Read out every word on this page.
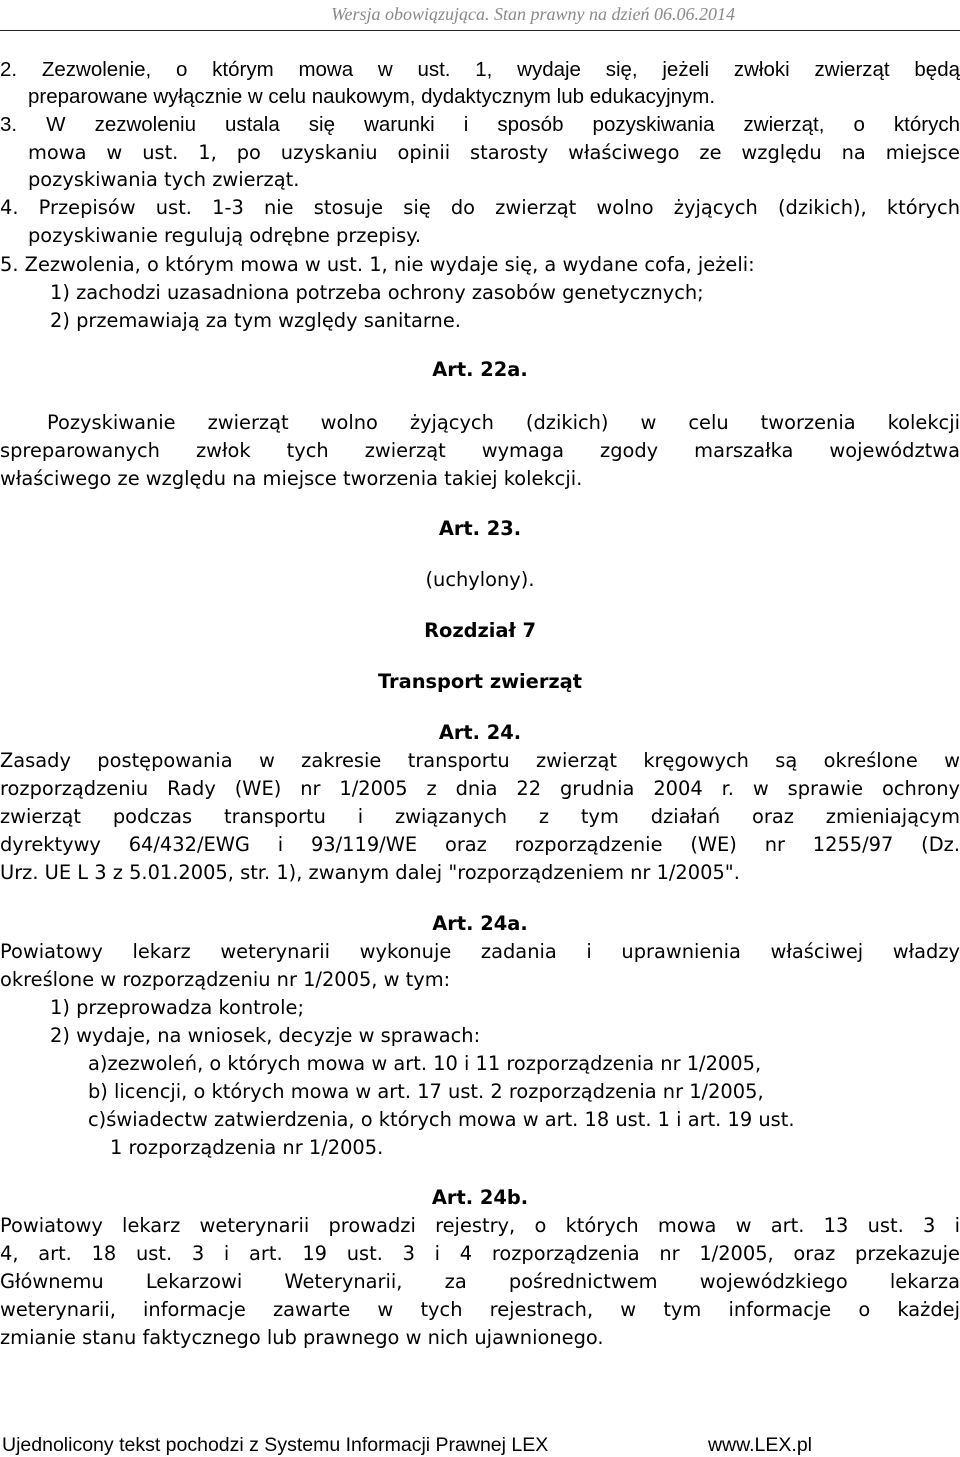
Wersja obowiązująca. Stan prawny na dzień 06.06.2014
2. Zezwolenie, o którym mowa w ust. 1, wydaje się, jeżeli zwłoki zwierząt będą
preparowane wyłącznie w celu naukowym, dydaktycznym lub edukacyjnym.
3. W zezwoleniu ustala się warunki i sposób pozyskiwania zwierząt, o których
mowa w ust. 1, po uzyskaniu opinii starosty właściwego ze względu na miejsce
pozyskiwania tych zwierząt.
4. Przepisów ust. 1-3 nie stosuje się do zwierząt wolno żyjących (dzikich), których
pozyskiwanie regulują odrębne przepisy.
5. Zezwolenia, o którym mowa w ust. 1, nie wydaje się, a wydane cofa, jeżeli:
1) zachodzi uzasadniona potrzeba ochrony zasobów genetycznych;
2) przemawiają za tym względy sanitarne.
Art. 22a.
Pozyskiwanie zwierząt wolno żyjących (dzikich) w celu tworzenia kolekcji
spreparowanych zwłok tych zwierząt wymaga zgody marszałka województwa
właściwego ze względu na miejsce tworzenia takiej kolekcji.
Art. 23.
(uchylony).
Rozdział 7
Transport zwierząt
Art. 24.
Zasady postępowania w zakresie transportu zwierząt kręgowych są określone w
rozporządzeniu Rady (WE) nr 1/2005 z dnia 22 grudnia 2004 r. w sprawie ochrony
zwierząt podczas transportu i związanych z tym działań oraz zmieniającym
dyrektywy 64/432/EWG i 93/119/WE oraz rozporządzenie (WE) nr 1255/97 (Dz.
Urz. UE L 3 z 5.01.2005, str. 1), zwanym dalej "rozporządzeniem nr 1/2005".
Art. 24a.
Powiatowy lekarz weterynarii wykonuje zadania i uprawnienia właściwej władzy
określone w rozporządzeniu nr 1/2005, w tym:
1) przeprowadza kontrole;
2) wydaje, na wniosek, decyzje w sprawach:
a)zezwoleń, o których mowa w art. 10 i 11 rozporządzenia nr 1/2005,
b) licencji, o których mowa w art. 17 ust. 2 rozporządzenia nr 1/2005,
c)świadectw zatwierdzenia, o których mowa w art. 18 ust. 1 i art. 19 ust.
1 rozporządzenia nr 1/2005.
Art. 24b.
Powiatowy lekarz weterynarii prowadzi rejestry, o których mowa w art. 13 ust. 3 i
4, art. 18 ust. 3 i art. 19 ust. 3 i 4 rozporządzenia nr 1/2005, oraz przekazuje
Głównemu Lekarzowi Weterynarii, za pośrednictwem wojewódzkiego lekarza
weterynarii, informacje zawarte w tych rejestrach, w tym informacje o każdej
zmianie stanu faktycznego lub prawnego w nich ujawnionego.
Ujednolicony tekst pochodzi z Systemu Informacji Prawnej LEX	www.LEX.pl
